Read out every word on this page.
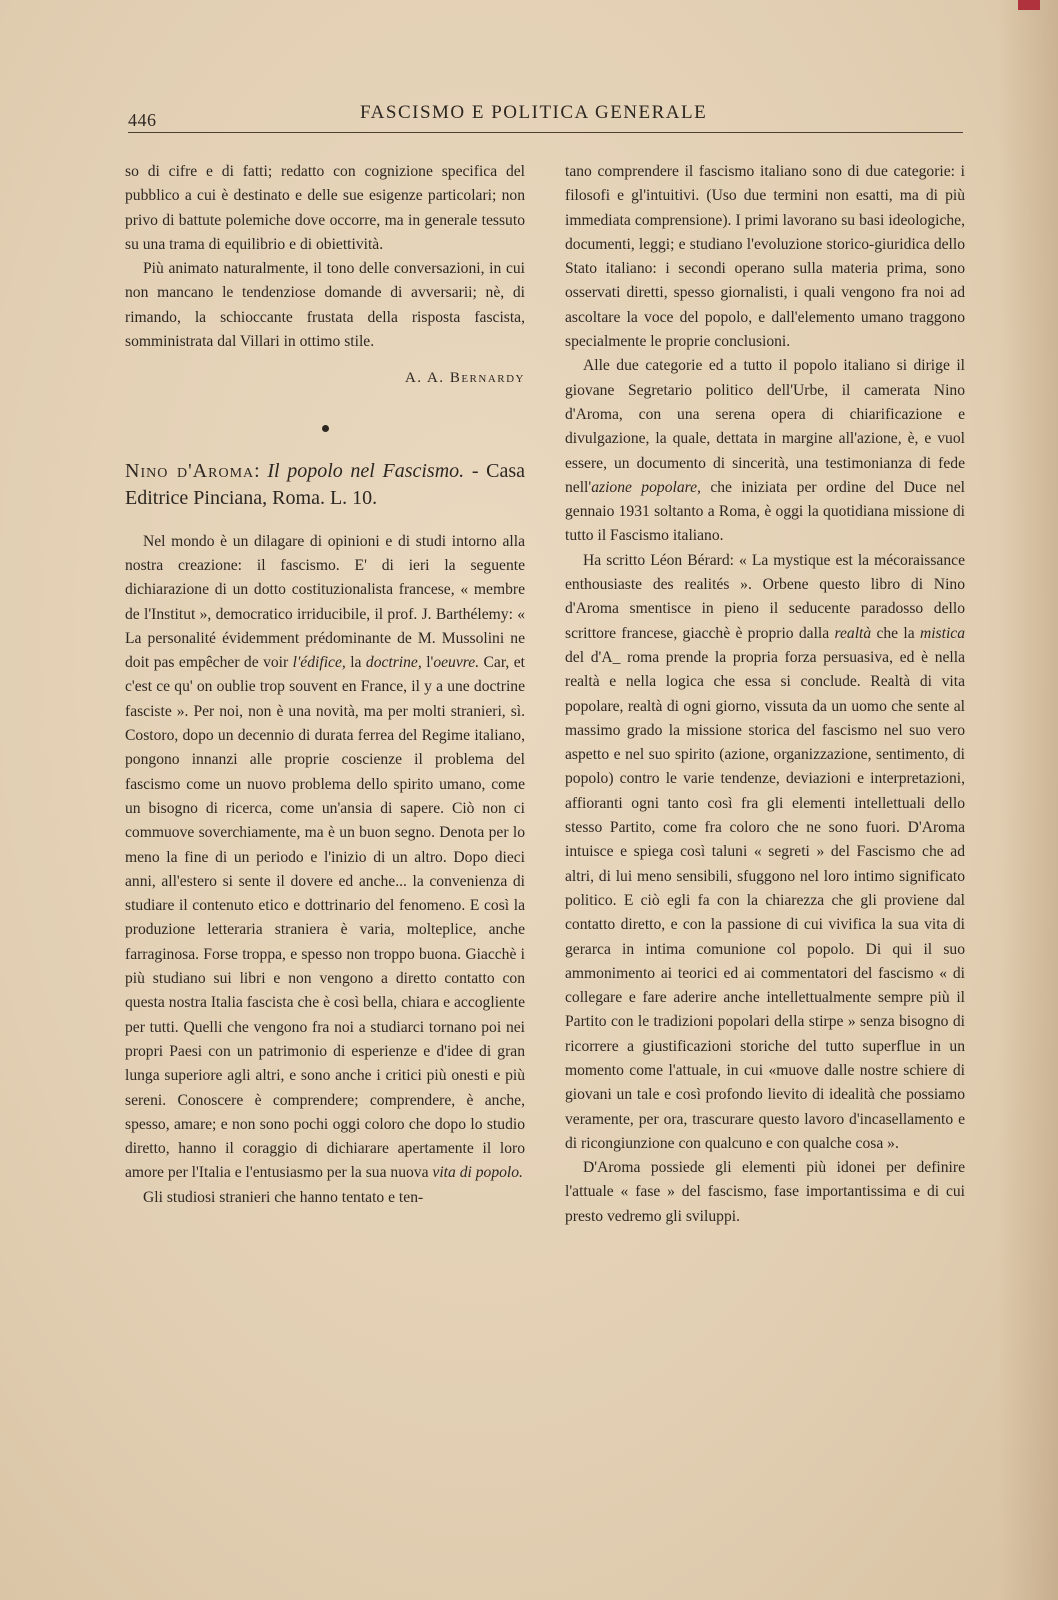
446	FASCISMO E POLITICA GENERALE

so di cifre e di fatti; redatto con cognizione specifica del pubblico a cui è destinato e delle sue esigenze particolari; non privo di battute polemiche dove occorre, ma in generale tessuto su una trama di equilibrio e di obiettività.

Più animato naturalmente, il tono delle conversazioni, in cui non mancano le tendenziose domande di avversarii; nè, di rimando, la schioccante frustata della risposta fascista, somministrata dal Villari in ottimo stile.

A. A. Bernardy
Nino d'Aroma: Il popolo nel Fascismo. - Casa Editrice Pinciana, Roma. L. 10.

Nel mondo è un dilagare di opinioni e di studi intorno alla nostra creazione: il fascismo. E' di ieri la seguente dichiarazione di un dotto costituzionalista francese, « membre de l'Institut », democratico irriducibile, il prof. J. Barthélemy: « La personalité évidemment prédominante de M. Mussolini ne doit pas empêcher de voir l'édifice, la doctrine, l'oeuvre. Car, et c'est ce qu' on oublie trop souvent en France, il y a une doctrine fasciste ». Per noi, non è una novità, ma per molti stranieri, sì. Costoro, dopo un decennio di durata ferrea del Regime italiano, pongono innanzi alle proprie coscienze il problema del fascismo come un nuovo problema dello spirito umano, come un bisogno di ricerca, come un'ansia di sapere. Ciò non ci commuove soverchiamente, ma è un buon segno. Denota per lo meno la fine di un periodo e l'inizio di un altro. Dopo dieci anni, all'estero si sente il dovere ed anche... la convenienza di studiare il contenuto etico e dottrinario del fenomeno. E così la produzione letteraria straniera è varia, molteplice, anche farraginosa. Forse troppa, e spesso non troppo buona. Giacchè i più studiano sui libri e non vengono a diretto contatto con questa nostra Italia fascista che è così bella, chiara e accogliente per tutti. Quelli che vengono fra noi a studiarci tornano poi nei propri Paesi con un patrimonio di esperienze e d'idee di gran lunga superiore agli altri, e sono anche i critici più onesti e più sereni. Conoscere è comprendere; comprendere, è anche, spesso, amare; e non sono pochi oggi coloro che dopo lo studio diretto, hanno il coraggio di dichiarare apertamente il loro amore per l'Italia e l'entusiasmo per la sua nuova vita di popolo.

Gli studiosi stranieri che hanno tentato e ten-

tano comprendere il fascismo italiano sono di due categorie: i filosofi e gl'intuitivi. (Uso due termini non esatti, ma di più immediata comprensione). I primi lavorano su basi ideologiche, documenti, leggi; e studiano l'evoluzione storico-giuridica dello Stato italiano: i secondi operano sulla materia prima, sono osservati diretti, spesso giornalisti, i quali vengono fra noi ad ascoltare la voce del popolo, e dall'elemento umano traggono specialmente le proprie conclusioni.

Alle due categorie ed a tutto il popolo italiano si dirige il giovane Segretario politico dell'Urbe, il camerata Nino d'Aroma, con una serena opera di chiarificazione e divulgazione, la quale, dettata in margine all'azione, è, e vuol essere, un documento di sincerità, una testimonianza di fede nell'azione popolare, che iniziata per ordine del Duce nel gennaio 1931 soltanto a Roma, è oggi la quotidiana missione di tutto il Fascismo italiano.

Ha scritto Léon Bérard: « La mystique est la mécoraissance enthousiaste des realités ». Orbene questo libro di Nino d'Aroma smentisce in pieno il seducente paradosso dello scrittore francese, giacchè è proprio dalla realtà che la mistica del d'A_ roma prende la propria forza persuasiva, ed è nella realtà e nella logica che essa si conclude. Realtà di vita popolare, realtà di ogni giorno, vissuta da un uomo che sente al massimo grado la missione storica del fascismo nel suo vero aspetto e nel suo spirito (azione, organizzazione, sentimento, di popolo) contro le varie tendenze, deviazioni e interpretazioni, affioranti ogni tanto così fra gli elementi intellettuali dello stesso Partito, come fra coloro che ne sono fuori. D'Aroma intuisce e spiega così taluni « segreti » del Fascismo che ad altri, di lui meno sensibili, sfuggono nel loro intimo significato politico. E ciò egli fa con la chiarezza che gli proviene dal contatto diretto, e con la passione di cui vivifica la sua vita di gerarca in intima comunione col popolo. Di qui il suo ammonimento ai teorici ed ai commentatori del fascismo « di collegare e fare aderire anche intellettualmente sempre più il Partito con le tradizioni popolari della stirpe » senza bisogno di ricorrere a giustificazioni storiche del tutto superflue in un momento come l'attuale, in cui «muove dalle nostre schiere di giovani un tale e così profondo lievito di idealità che possiamo veramente, per ora, trascurare questo lavoro d'incasellamento e di ricongiunzione con qualcuno e con qualche cosa ».

D'Aroma possiede gli elementi più idonei per definire l'attuale « fase » del fascismo, fase importantissima e di cui presto vedremo gli sviluppi.
